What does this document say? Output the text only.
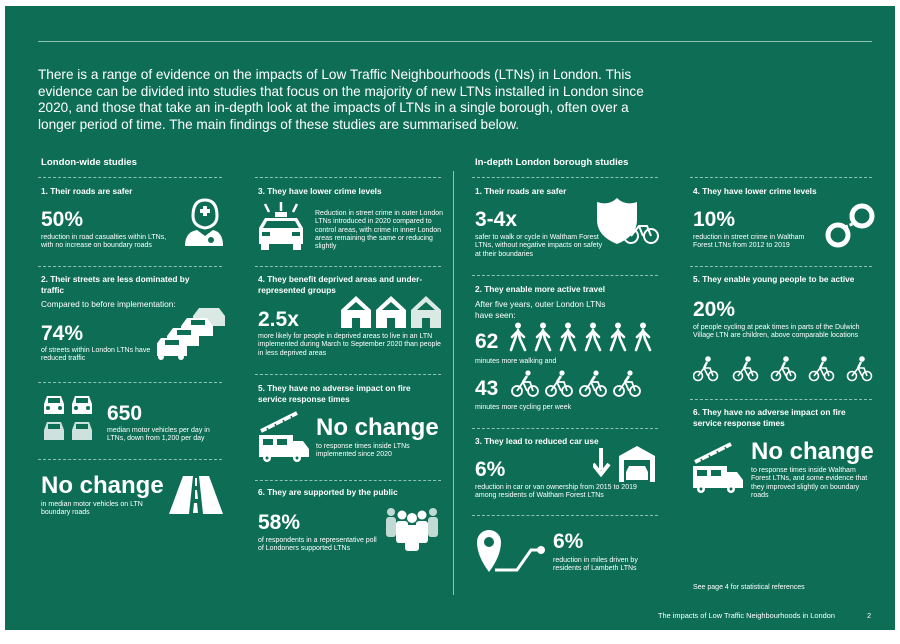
There is a range of evidence on the impacts of Low Traffic Neighbourhoods (LTNs) in London. This evidence can be divided into studies that focus on the majority of new LTNs installed in London since 2020, and those that take an in-depth look at the impacts of LTNs in a single borough, often over a longer period of time. The main findings of these studies are summarised below.
London-wide studies
1. Their roads are safer
50%
reduction in road casualties within LTNs, with no increase on boundary roads
2. Their streets are less dominated by traffic
Compared to before implementation:
74%
of streets within London LTNs have reduced traffic
650
median motor vehicles per day in LTNs, down from 1,200 per day
No change
in median motor vehicles on LTN boundary roads
3. They have lower crime levels
Reduction in street crime in outer London LTNs introduced in 2020 compared to control areas, with crime in inner London areas remaining the same or reducing slightly
4. They benefit deprived areas and under-represented groups
2.5x
more likely for people in deprived areas to live in an LTN implemented during March to September 2020 than people in less deprived areas
5. They have no adverse impact on fire service response times
No change
to response times inside LTNs implemented since 2020
6. They are supported by the public
58%
of respondents in a representative poll of Londoners supported LTNs
In-depth London borough studies
1. Their roads are safer
3-4x
safer to walk or cycle in Waltham Forest LTNs, without negative impacts on safety at their boundaries
2. They enable more active travel
After five years, outer London LTNs have seen:
62
minutes more walking and
43
minutes more cycling per week
3. They lead to reduced car use
6%
reduction in car or van ownership from 2015 to 2019 among residents of Waltham Forest LTNs
6%
reduction in miles driven by residents of Lambeth LTNs
4. They have lower crime levels
10%
reduction in street crime in Waltham Forest LTNs from 2012 to 2019
5. They enable young people to be active
20%
of people cycling at peak times in parts of the Dulwich Village LTN are children, above comparable locations
6. They have no adverse impact on fire service response times
No change
to response times inside Waltham Forest LTNs, and some evidence that they improved slightly on boundary roads
See page 4 for statistical references
The impacts of Low Traffic Neighbourhoods in London	2
